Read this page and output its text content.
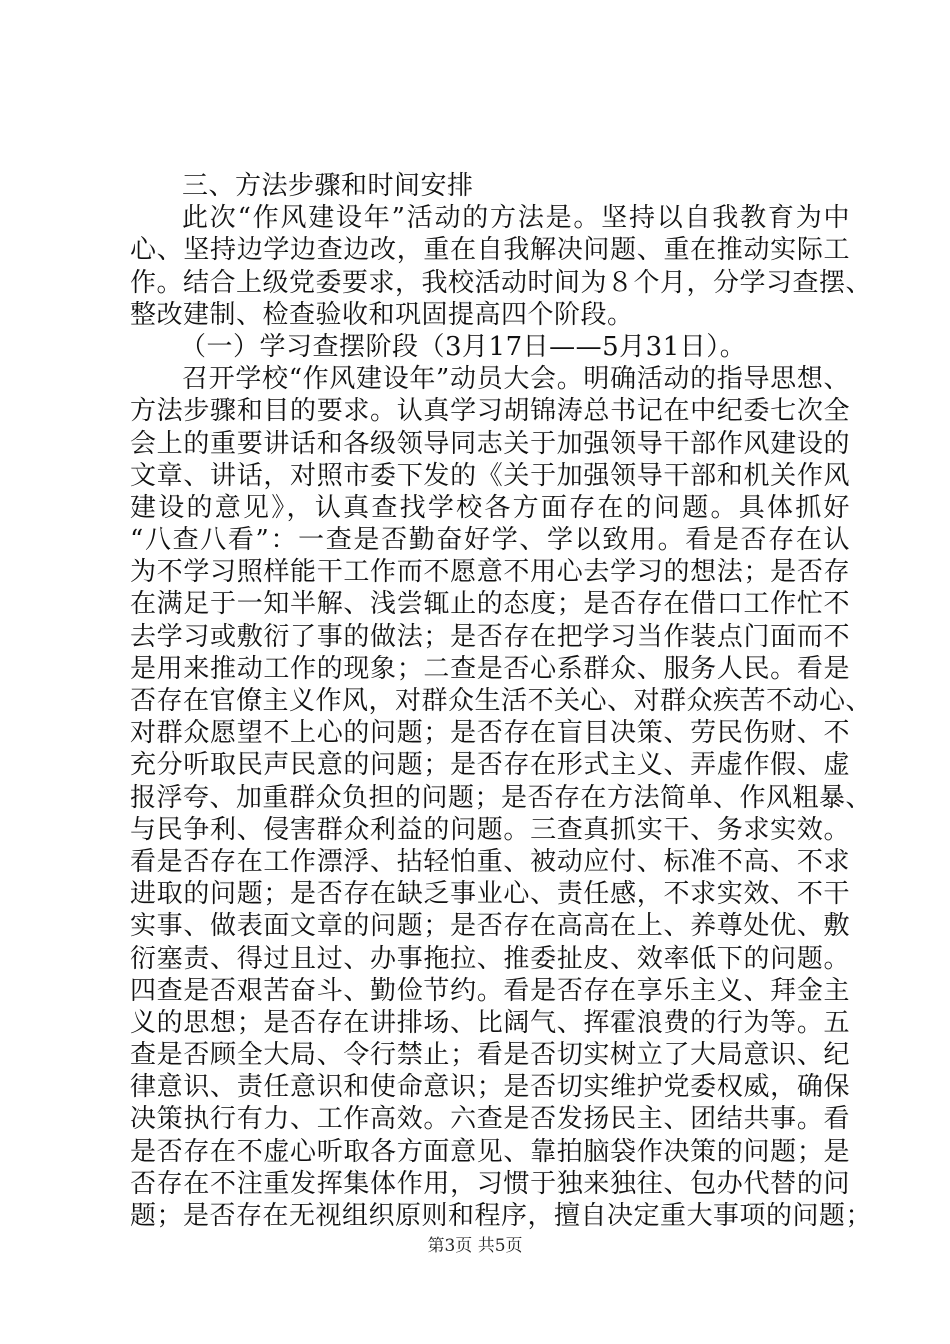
三、方法步骤和时间安排
此次“作风建设年”活动的方法是。坚持以自我教育为中
心、坚持边学边查边改，重在自我解决问题、重在推动实际工
作。结合上级党委要求，我校活动时间为８个月，分学习查摆、
整改建制、检查验收和巩固提高四个阶段。
（一）学习查摆阶段（3月17日——5月31日）。
召开学校“作风建设年”动员大会。明确活动的指导思想、
方法步骤和目的要求。认真学习胡锦涛总书记在中纪委七次全
会上的重要讲话和各级领导同志关于加强领导干部作风建设的
文章、讲话，对照市委下发的《关于加强领导干部和机关作风
建设的意见》，认真查找学校各方面存在的问题。具体抓好
“八查八看”：一查是否勤奋好学、学以致用。看是否存在认
为不学习照样能干工作而不愿意不用心去学习的想法；是否存
在满足于一知半解、浅尝辄止的态度；是否存在借口工作忙不
去学习或敷衍了事的做法；是否存在把学习当作装点门面而不
是用来推动工作的现象；二查是否心系群众、服务人民。看是
否存在官僚主义作风，对群众生活不关心、对群众疾苦不动心、
对群众愿望不上心的问题；是否存在盲目决策、劳民伤财、不
充分听取民声民意的问题；是否存在形式主义、弄虚作假、虚
报浮夸、加重群众负担的问题；是否存在方法简单、作风粗暴、
与民争利、侵害群众利益的问题。三查真抓实干、务求实效。
看是否存在工作漂浮、拈轻怕重、被动应付、标准不高、不求
进取的问题；是否存在缺乏事业心、责任感，不求实效、不干
实事、做表面文章的问题；是否存在高高在上、养尊处优、敷
衍塞责、得过且过、办事拖拉、推委扯皮、效率低下的问题。
四查是否艰苦奋斗、勤俭节约。看是否存在享乐主义、拜金主
义的思想；是否存在讲排场、比阔气、挥霍浪费的行为等。五
查是否顾全大局、令行禁止；看是否切实树立了大局意识、纪
律意识、责任意识和使命意识；是否切实维护党委权威，确保
决策执行有力、工作高效。六查是否发扬民主、团结共事。看
是否存在不虚心听取各方面意见、靠拍脑袋作决策的问题；是
否存在不注重发挥集体作用，习惯于独来独往、包办代替的问
题；是否存在无视组织原则和程序，擅自决定重大事项的问题；
第3页 共5页
